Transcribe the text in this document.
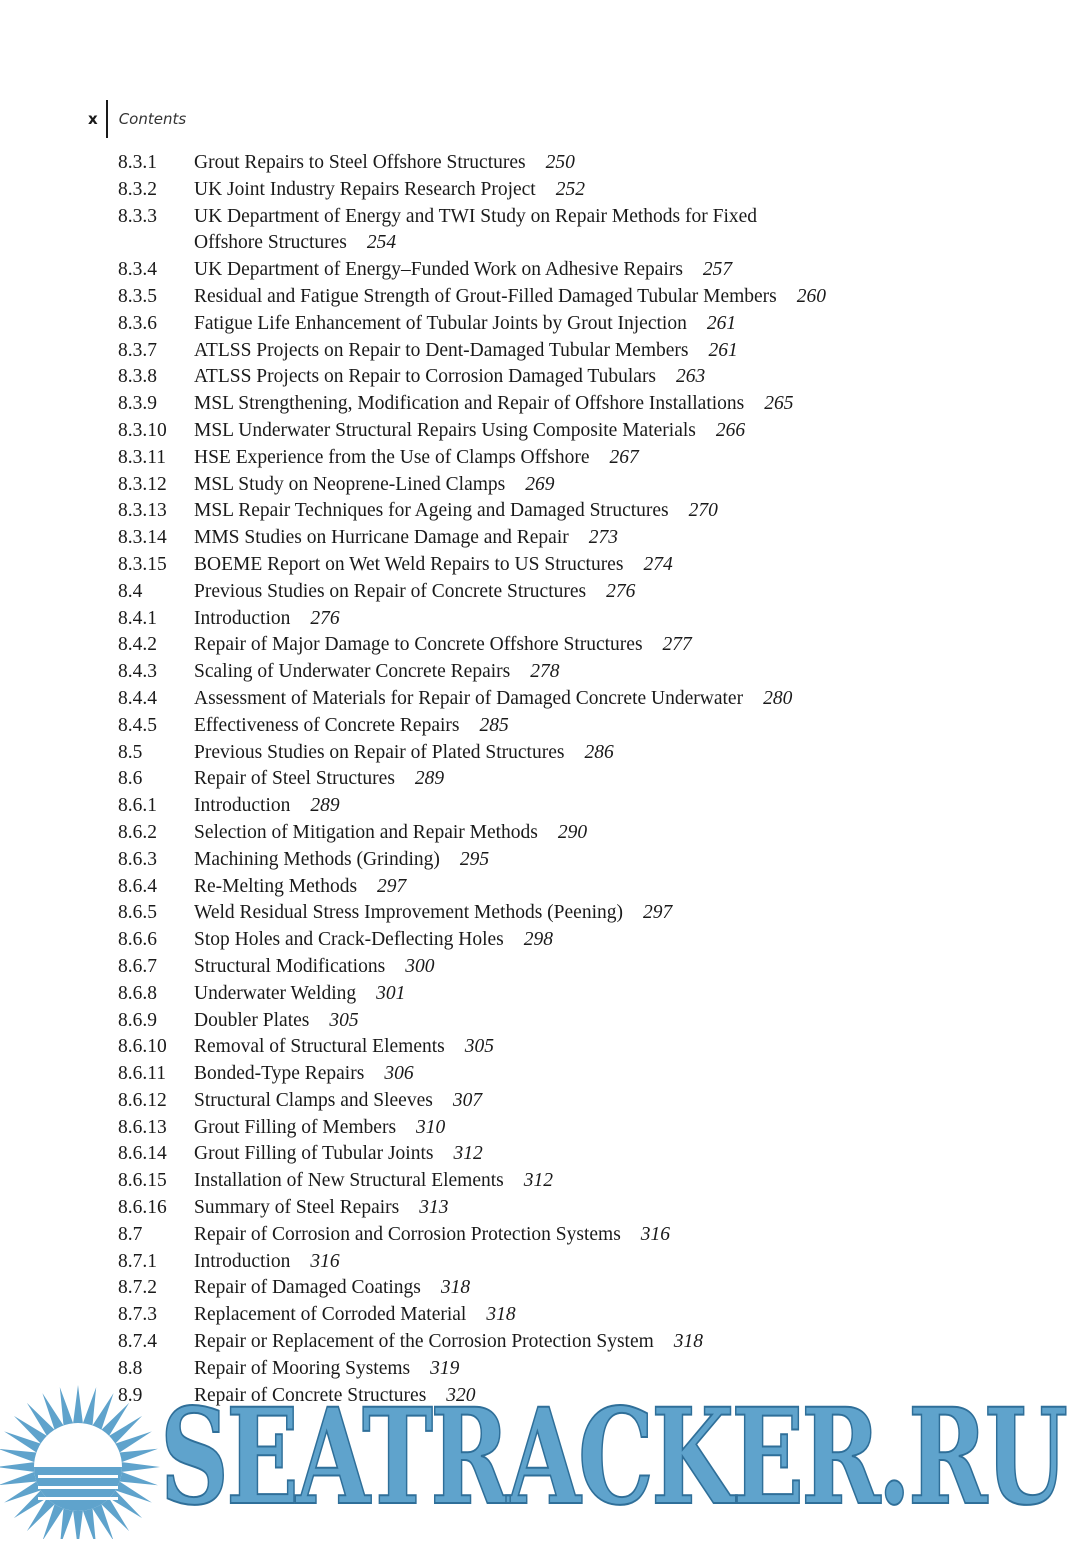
x	Contents
8.3.1	Grout Repairs to Steel Offshore Structures 250
8.3.2	UK Joint Industry Repairs Research Project 252
8.3.3	UK Department of Energy and TWI Study on Repair Methods for Fixed
Offshore Structures 254
8.3.4	UK Department of Energy–Funded Work on Adhesive Repairs 257
8.3.5	Residual and Fatigue Strength of Grout-Filled Damaged Tubular Members 260
8.3.6	Fatigue Life Enhancement of Tubular Joints by Grout Injection 261
8.3.7	ATLSS Projects on Repair to Dent-Damaged Tubular Members 261
8.3.8	ATLSS Projects on Repair to Corrosion Damaged Tubulars 263
8.3.9	MSL Strengthening, Modification and Repair of Offshore Installations 265
8.3.10	MSL Underwater Structural Repairs Using Composite Materials 266
8.3.11	HSE Experience from the Use of Clamps Offshore 267
8.3.12	MSL Study on Neoprene-Lined Clamps 269
8.3.13	MSL Repair Techniques for Ageing and Damaged Structures 270
8.3.14	MMS Studies on Hurricane Damage and Repair 273
8.3.15	BOEME Report on Wet Weld Repairs to US Structures 274
8.4	Previous Studies on Repair of Concrete Structures 276
8.4.1	Introduction 276
8.4.2	Repair of Major Damage to Concrete Offshore Structures 277
8.4.3	Scaling of Underwater Concrete Repairs 278
8.4.4	Assessment of Materials for Repair of Damaged Concrete Underwater 280
8.4.5	Effectiveness of Concrete Repairs 285
8.5	Previous Studies on Repair of Plated Structures 286
8.6	Repair of Steel Structures 289
8.6.1	Introduction 289
8.6.2	Selection of Mitigation and Repair Methods 290
8.6.3	Machining Methods (Grinding) 295
8.6.4	Re-Melting Methods 297
8.6.5	Weld Residual Stress Improvement Methods (Peening) 297
8.6.6	Stop Holes and Crack-Deflecting Holes 298
8.6.7	Structural Modifications 300
8.6.8	Underwater Welding 301
8.6.9	Doubler Plates 305
8.6.10	Removal of Structural Elements 305
8.6.11	Bonded-Type Repairs 306
8.6.12	Structural Clamps and Sleeves 307
8.6.13	Grout Filling of Members 310
8.6.14	Grout Filling of Tubular Joints 312
8.6.15	Installation of New Structural Elements 312
8.6.16	Summary of Steel Repairs 313
8.7	Repair of Corrosion and Corrosion Protection Systems 316
8.7.1	Introduction 316
8.7.2	Repair of Damaged Coatings 318
8.7.3	Replacement of Corroded Material 318
8.7.4	Repair or Replacement of the Corrosion Protection System 318
8.8	Repair of Mooring Systems 319
8.9	Repair of Concrete Structures 320
SEATRACKER.RU
